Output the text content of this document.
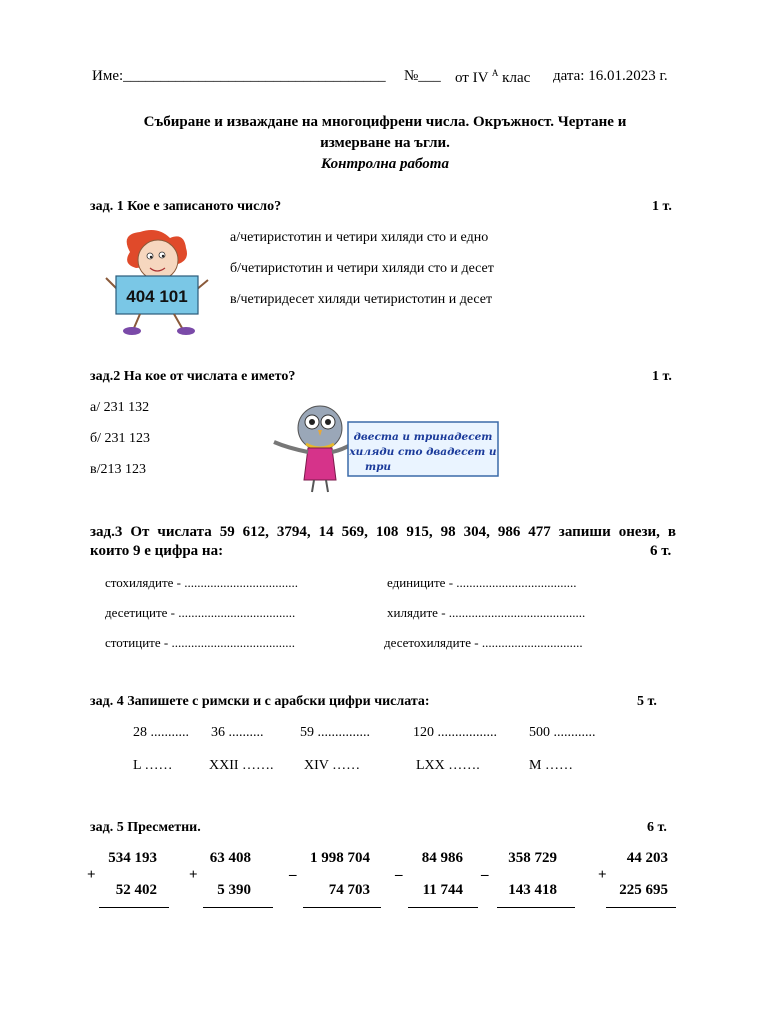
Име:___________________________________ №___ от IV $^А$ клас дата: 16.01.2023 г.
Събиране и изваждане на многоцифрени числа. Окръжност. Чертане и
измерване на ъгли.
Контролна работа
зад. 1 Кое е записаното число?	1 т.
404 101
а/четиристотин и четири хиляди сто и едно
б/четиристотин и четири хиляди сто и десет
в/четиридесет хиляди четиристотин и десет
зад.2 На кое от числата е името?	1 т.
а/ 231 132
б/ 231 123
в/213 123
двеста и тринадесет
хиляди сто двадесет и
три
зад.3 От числата 59 612, 3794, 14 569, 108 915, 98 304, 986 477 запиши онези, в
които 9 е цифра на:	6 т.
стохилядите - ...................................	единиците - .....................................
десетиците - ....................................	хилядите - ..........................................
стотиците - ......................................	десетохилядите - ...............................
зад. 4 Запишете с римски и с арабски цифри числата:	5 т.
28 ........... 36 ..........	59 ...............	120 ................. 500 ............
L ……	XXII ……. XIV ……	LXX …….	M ……
зад. 5 Пресметни.	6 т.
534 193
+
52 402
63 408
+
5 390
1 998 704
–
74 703
84 986
–
11 744
358 729
–
143 418
44 203
+
225 695
